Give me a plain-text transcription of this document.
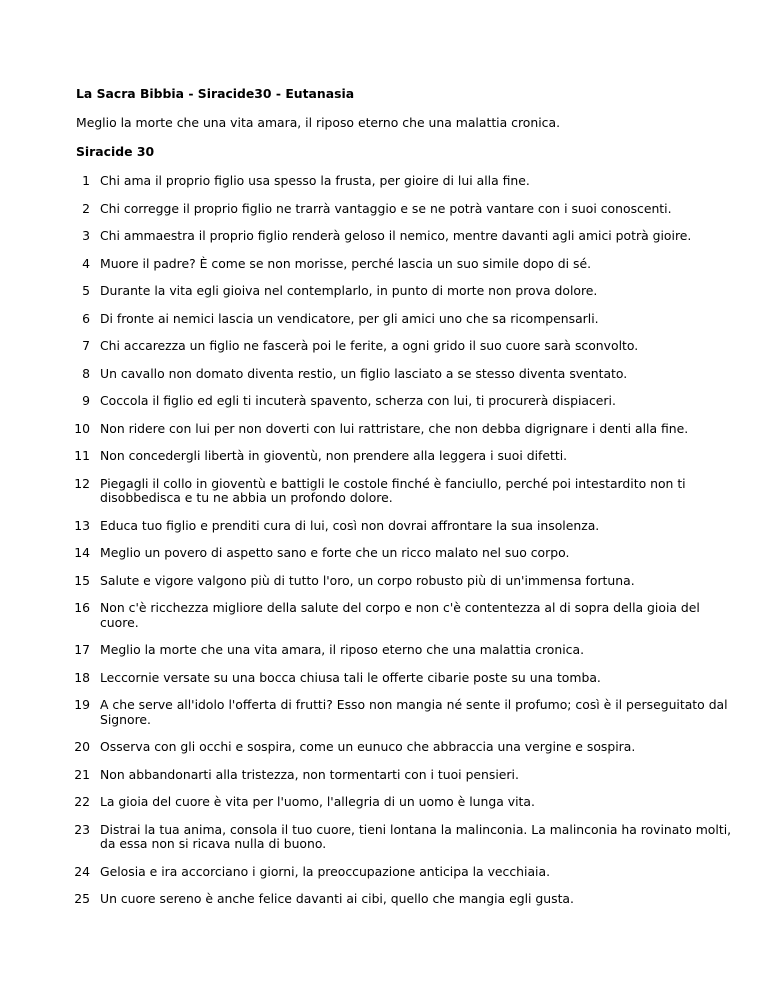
La Sacra Bibbia - Siracide30 - Eutanasia

Meglio la morte che una vita amara, il riposo eterno che una malattia cronica.

Siracide 30

1 Chi ama il proprio figlio usa spesso la frusta, per gioire di lui alla fine.
2 Chi corregge il proprio figlio ne trarrà vantaggio e se ne potrà vantare con i suoi conoscenti.
3 Chi ammaestra il proprio figlio renderà geloso il nemico, mentre davanti agli amici potrà gioire.
4 Muore il padre? È come se non morisse, perché lascia un suo simile dopo di sé.
5 Durante la vita egli gioiva nel contemplarlo, in punto di morte non prova dolore.
6 Di fronte ai nemici lascia un vendicatore, per gli amici uno che sa ricompensarli.
7 Chi accarezza un figlio ne fascerà poi le ferite, a ogni grido il suo cuore sarà sconvolto.
8 Un cavallo non domato diventa restio, un figlio lasciato a se stesso diventa sventato.
9 Coccola il figlio ed egli ti incuterà spavento, scherza con lui, ti procurerà dispiaceri.
10 Non ridere con lui per non doverti con lui rattristare, che non debba digrignare i denti alla fine.
11 Non concedergli libertà in gioventù, non prendere alla leggera i suoi difetti.
12 Piegagli il collo in gioventù e battigli le costole finché è fanciullo, perché poi intestardito non ti disobbedisca e tu ne abbia un profondo dolore.
13 Educa tuo figlio e prenditi cura di lui, così non dovrai affrontare la sua insolenza.
14 Meglio un povero di aspetto sano e forte che un ricco malato nel suo corpo.
15 Salute e vigore valgono più di tutto l'oro, un corpo robusto più di un'immensa fortuna.
16 Non c'è ricchezza migliore della salute del corpo e non c'è contentezza al di sopra della gioia del cuore.
17 Meglio la morte che una vita amara, il riposo eterno che una malattia cronica.
18 Leccornie versate su una bocca chiusa tali le offerte cibarie poste su una tomba.
19 A che serve all'idolo l'offerta di frutti? Esso non mangia né sente il profumo; così è il perseguitato dal Signore.
20 Osserva con gli occhi e sospira, come un eunuco che abbraccia una vergine e sospira.
21 Non abbandonarti alla tristezza, non tormentarti con i tuoi pensieri.
22 La gioia del cuore è vita per l'uomo, l'allegria di un uomo è lunga vita.
23 Distrai la tua anima, consola il tuo cuore, tieni lontana la malinconia. La malinconia ha rovinato molti, da essa non si ricava nulla di buono.
24 Gelosia e ira accorciano i giorni, la preoccupazione anticipa la vecchiaia.
25 Un cuore sereno è anche felice davanti ai cibi, quello che mangia egli gusta.
